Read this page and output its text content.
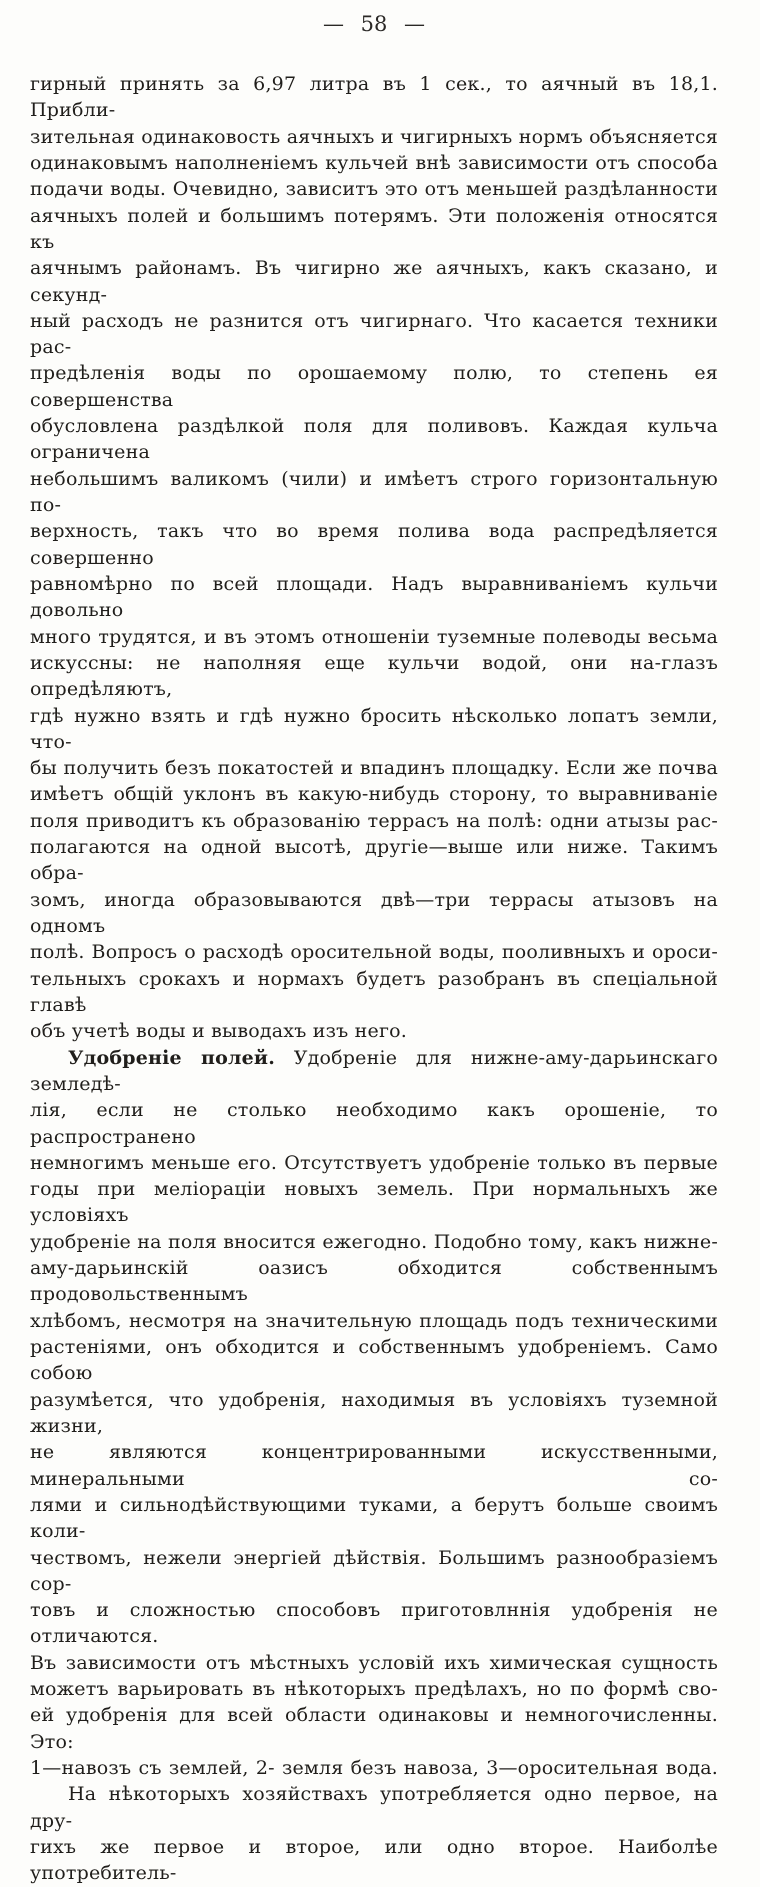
— 58 —
гирный принять за 6,97 литра въ 1 сек., то аячный въ 18,1. Прибли-
зительная одинаковость аячныхъ и чигирныхъ нормъ объясняется
одинаковымъ наполненіемъ кульчей внѣ зависимости отъ способа
подачи воды. Очевидно, зависитъ это отъ меньшей раздѣланности
аячныхъ полей и большимъ потерямъ. Эти положенія относятся къ
аячнымъ районамъ. Въ чигирно же аячныхъ, какъ сказано, и секунд-
ный расходъ не разнится отъ чигирнаго. Что касается техники рас-
предѣленія воды по орошаемому полю, то степень ея совершенства
обусловлена раздѣлкой поля для поливовъ. Каждая кульча ограничена
небольшимъ валикомъ (чили) и имѣетъ строго горизонтальную по-
верхность, такъ что во время полива вода распредѣляется совершенно
равномѣрно по всей площади. Надъ выравниваніемъ кульчи довольно
много трудятся, и въ этомъ отношеніи туземные полеводы весьма
искуссны: не наполняя еще кульчи водой, они на-глазъ опредѣляютъ,
гдѣ нужно взять и гдѣ нужно бросить нѣсколько лопатъ земли, что-
бы получить безъ покатостей и впадинъ площадку. Если же почва
имѣетъ общій уклонъ въ какую-нибудь сторону, то выравниваніе
поля приводитъ къ образованію террасъ на полѣ: одни атызы рас-
полагаются на одной высотѣ, другіе—выше или ниже. Такимъ обра-
зомъ, иногда образовываются двѣ—три террасы атызовъ на одномъ
полѣ. Вопросъ о расходѣ оросительной воды, пооливныхъ и ороси-
тельныхъ срокахъ и нормахъ будетъ разобранъ въ спеціальной главѣ
объ учетѣ воды и выводахъ изъ него.
Удобреніе полей. Удобреніе для нижне-аму-дарьинскаго земледѣ-
лія, если не столько необходимо какъ орошеніе, то распространено
немногимъ меньше его. Отсутствуетъ удобреніе только въ первые
годы при меліораціи новыхъ земель. При нормальныхъ же условіяхъ
удобреніе на поля вносится ежегодно. Подобно тому, какъ нижне-
аму-дарьинскій оазисъ обходится собственнымъ продовольственнымъ
хлѣбомъ, несмотря на значительную площадь подъ техническими
растеніями, онъ обходится и собственнымъ удобреніемъ. Само собою
разумѣется, что удобренія, находимыя въ условіяхъ туземной жизни,
не являются концентрированными искусственными, минеральными со-
лями и сильнодѣйствующими туками, а берутъ больше своимъ коли-
чествомъ, нежели энергіей дѣйствія. Большимъ разнообразіемъ сор-
товъ и сложностью способовъ приготовлннія удобренія не отличаются.
Въ зависимости отъ мѣстныхъ условій ихъ химическая сущность
можетъ варьировать въ нѣкоторыхъ предѣлахъ, но по формѣ сво-
ей удобренія для всей области одинаковы и немногочисленны. Это:
1—навозъ съ землей, 2- земля безъ навоза, 3—оросительная вода.
На нѣкоторыхъ хозяйствахъ употребляется одно первое, на дру-
гихъ же первое и второе, или одно второе. Наиболѣе употребитель-
